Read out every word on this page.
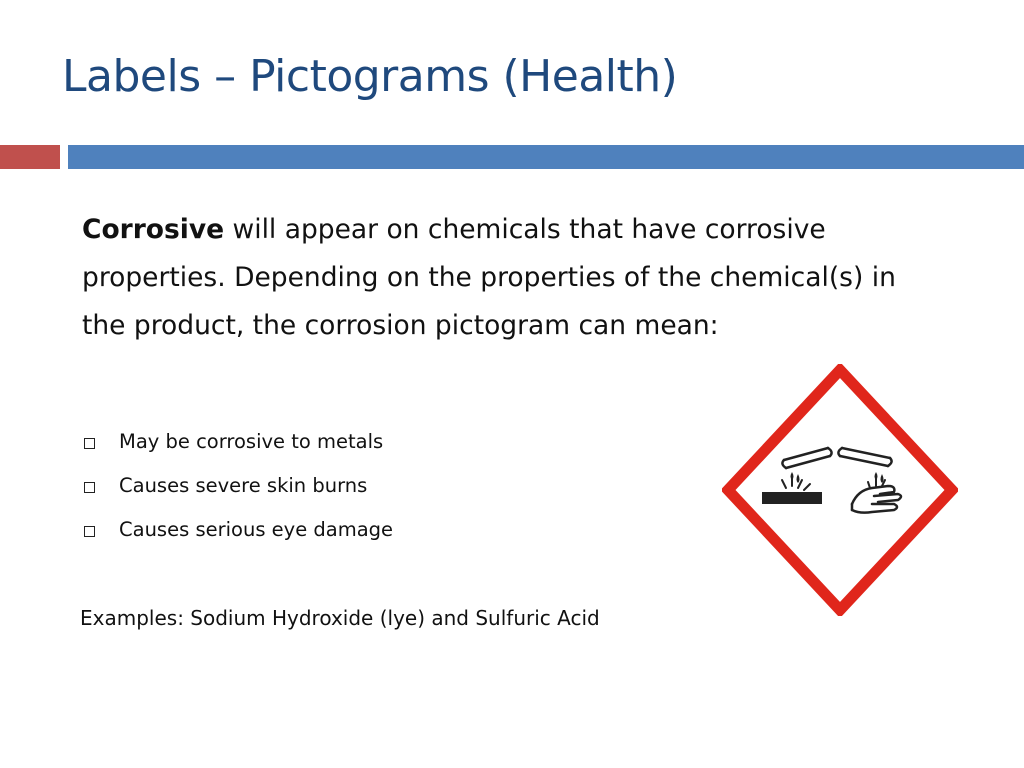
Labels – Pictograms (Health)

Corrosive will appear on chemicals that have corrosive properties. Depending on the properties of the chemical(s) in the product, the corrosion pictogram can mean:

May be corrosive to metals
Causes severe skin burns
Causes serious eye damage

Examples: Sodium Hydroxide (lye) and Sulfuric Acid
